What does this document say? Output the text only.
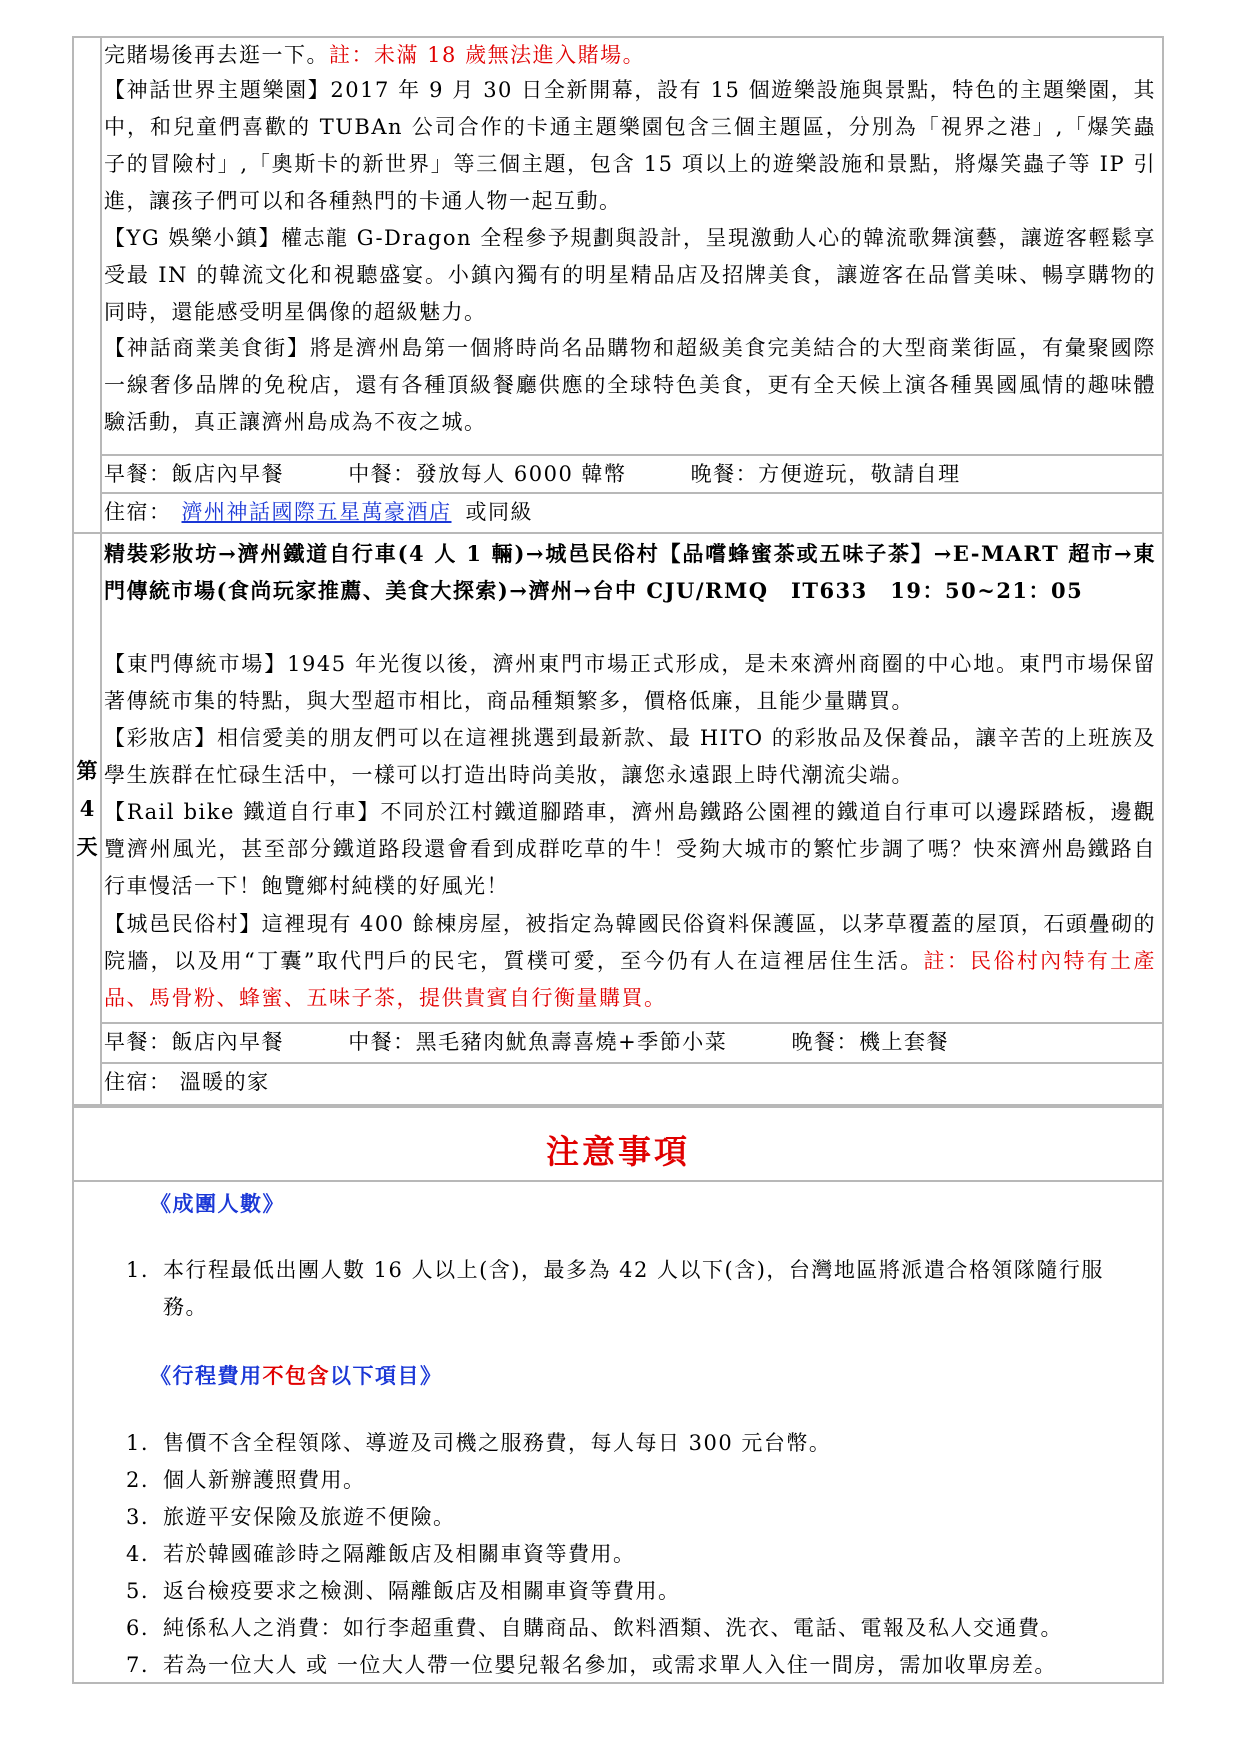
完賭場後再去逛一下。註：未滿 18 歲無法進入賭場。
【神話世界主題樂園】2017 年 9 月 30 日全新開幕，設有 15 個遊樂設施與景點，特色的主題樂園，其中，和兒童們喜歡的 TUBAn 公司合作的卡通主題樂園包含三個主題區，分別為「視界之港」,「爆笑蟲子的冒險村」,「奧斯卡的新世界」等三個主題，包含 15 項以上的遊樂設施和景點，將爆笑蟲子等 IP 引進，讓孩子們可以和各種熱門的卡通人物一起互動。
【YG 娛樂小鎮】權志龍 G-Dragon 全程參予規劃與設計，呈現激動人心的韓流歌舞演藝，讓遊客輕鬆享受最 IN 的韓流文化和視聽盛宴。小鎮內獨有的明星精品店及招牌美食，讓遊客在品嘗美味、暢享購物的同時，還能感受明星偶像的超級魅力。
【神話商業美食街】將是濟州島第一個將時尚名品購物和超級美食完美結合的大型商業街區，有彙聚國際一線奢侈品牌的免稅店，還有各種頂級餐廳供應的全球特色美食，更有全天候上演各種異國風情的趣味體驗活動，真正讓濟州島成為不夜之城。
早餐：飯店內早餐	中餐：發放每人 6000 韓幣	晚餐：方便遊玩，敬請自理
住宿： 濟州神話國際五星萬豪酒店 或同級
第
4
天
精裝彩妝坊→濟州鐵道自行車(4 人 1 輛)→城邑民俗村【品嚐蜂蜜茶或五味子茶】→E-MART 超市→東門傳統市場(食尚玩家推薦、美食大探索)→濟州→台中 CJU/RMQ　IT633　19：50~21：05
【東門傳統市場】1945 年光復以後，濟州東門市場正式形成，是未來濟州商圈的中心地。東門市場保留著傳統市集的特點，與大型超市相比，商品種類繁多，價格低廉，且能少量購買。
【彩妝店】相信愛美的朋友們可以在這裡挑選到最新款、最 HITO 的彩妝品及保養品，讓辛苦的上班族及學生族群在忙碌生活中，一樣可以打造出時尚美妝，讓您永遠跟上時代潮流尖端。
【Rail bike 鐵道自行車】不同於江村鐵道腳踏車，濟州島鐵路公園裡的鐵道自行車可以邊踩踏板，邊觀覽濟州風光，甚至部分鐵道路段還會看到成群吃草的牛！受夠大城市的繁忙步調了嗎？快來濟州島鐵路自行車慢活一下！飽覽鄉村純樸的好風光！
【城邑民俗村】這裡現有 400 餘棟房屋，被指定為韓國民俗資料保護區，以茅草覆蓋的屋頂，石頭疊砌的院牆，以及用“丁囊”取代門戶的民宅，質樸可愛，至今仍有人在這裡居住生活。註：民俗村內特有土產品、馬骨粉、蜂蜜、五味子茶，提供貴賓自行衡量購買。
早餐：飯店內早餐	中餐：黑毛豬肉魷魚壽喜燒+季節小菜	晚餐：機上套餐
住宿： 溫暖的家
注意事項
《成團人數》
1. 本行程最低出團人數 16 人以上(含)，最多為 42 人以下(含)，台灣地區將派遣合格領隊隨行服務。
《行程費用不包含以下項目》
1. 售價不含全程領隊、導遊及司機之服務費，每人每日 300 元台幣。
2. 個人新辦護照費用。
3. 旅遊平安保險及旅遊不便險。
4. 若於韓國確診時之隔離飯店及相關車資等費用。
5. 返台檢疫要求之檢測、隔離飯店及相關車資等費用。
6. 純係私人之消費：如行李超重費、自購商品、飲料酒類、洗衣、電話、電報及私人交通費。
7. 若為一位大人 或 一位大人帶一位嬰兒報名參加，或需求單人入住一間房，需加收單房差。
